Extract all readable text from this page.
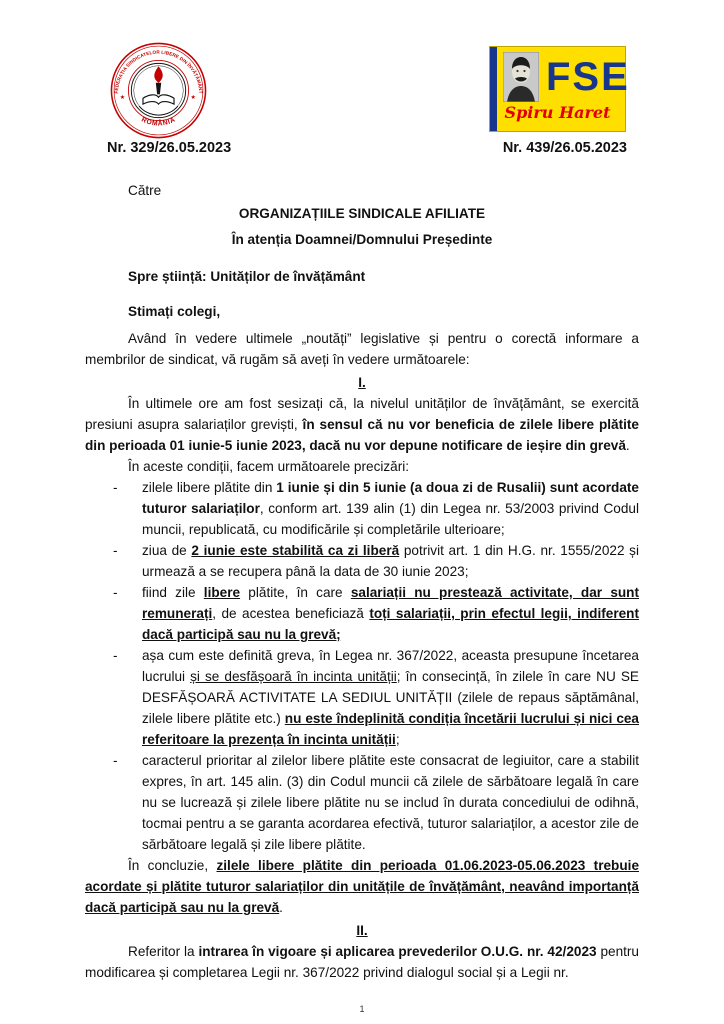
FEDERAȚIA SINDICATELOR LIBERE DIN ÎNVĂȚĂMÂNT
ROMÂNIA
★	★	FSE
Spiru Haret
Nr. 329/26.05.2023	Nr. 439/26.05.2023

Către

ORGANIZAȚIILE SINDICALE AFILIATE

În atenția Doamnei/Domnului Președinte

Spre știință: Unităților de învățământ

Stimați colegi,

Având în vedere ultimele „noutăți” legislative și pentru o corectă informare a membrilor de sindicat, vă rugăm să aveți în vedere următoarele:

I.

În ultimele ore am fost sesizați că, la nivelul unităților de învățământ, se exercită presiuni asupra salariaților greviști, în sensul că nu vor beneficia de zilele libere plătite din perioada 01 iunie-5 iunie 2023, dacă nu vor depune notificare de ieșire din grevă.

În aceste condiții, facem următoarele precizări:

-	zilele libere plătite din 1 iunie și din 5 iunie (a doua zi de Rusalii) sunt acordate tuturor salariaților, conform art. 139 alin (1) din Legea nr. 53/2003 privind Codul muncii, republicată, cu modificările și completările ulterioare;

-	ziua de 2 iunie este stabilită ca zi liberă potrivit art. 1 din H.G. nr. 1555/2022 și urmează a se recupera până la data de 30 iunie 2023;

-	fiind zile libere plătite, în care salariații nu prestează activitate, dar sunt remunerați, de acestea beneficiază toți salariații, prin efectul legii, indiferent dacă participă sau nu la grevă;

-	așa cum este definită greva, în Legea nr. 367/2022, aceasta presupune încetarea lucrului și se desfășoară în incinta unității; în consecință, în zilele în care NU SE DESFĂȘOARĂ ACTIVITATE LA SEDIUL UNITĂȚII (zilele de repaus săptămânal, zilele libere plătite etc.) nu este îndeplinită condiția încetării lucrului și nici cea referitoare la prezența în incinta unității;

-	caracterul prioritar al zilelor libere plătite este consacrat de legiuitor, care a stabilit expres, în art. 145 alin. (3) din Codul muncii că zilele de sărbătoare legală în care nu se lucrează și zilele libere plătite nu se includ în durata concediului de odihnă, tocmai pentru a se garanta acordarea efectivă, tuturor salariaților, a acestor zile de sărbătoare legală și zile libere plătite.

În concluzie, zilele libere plătite din perioada 01.06.2023-05.06.2023 trebuie acordate și plătite tuturor salariaților din unitățile de învățământ, neavând importanță dacă participă sau nu la grevă.

II.

Referitor la intrarea în vigoare și aplicarea prevederilor O.U.G. nr. 42/2023 pentru modificarea și completarea Legii nr. 367/2022 privind dialogul social și a Legii nr.

1
